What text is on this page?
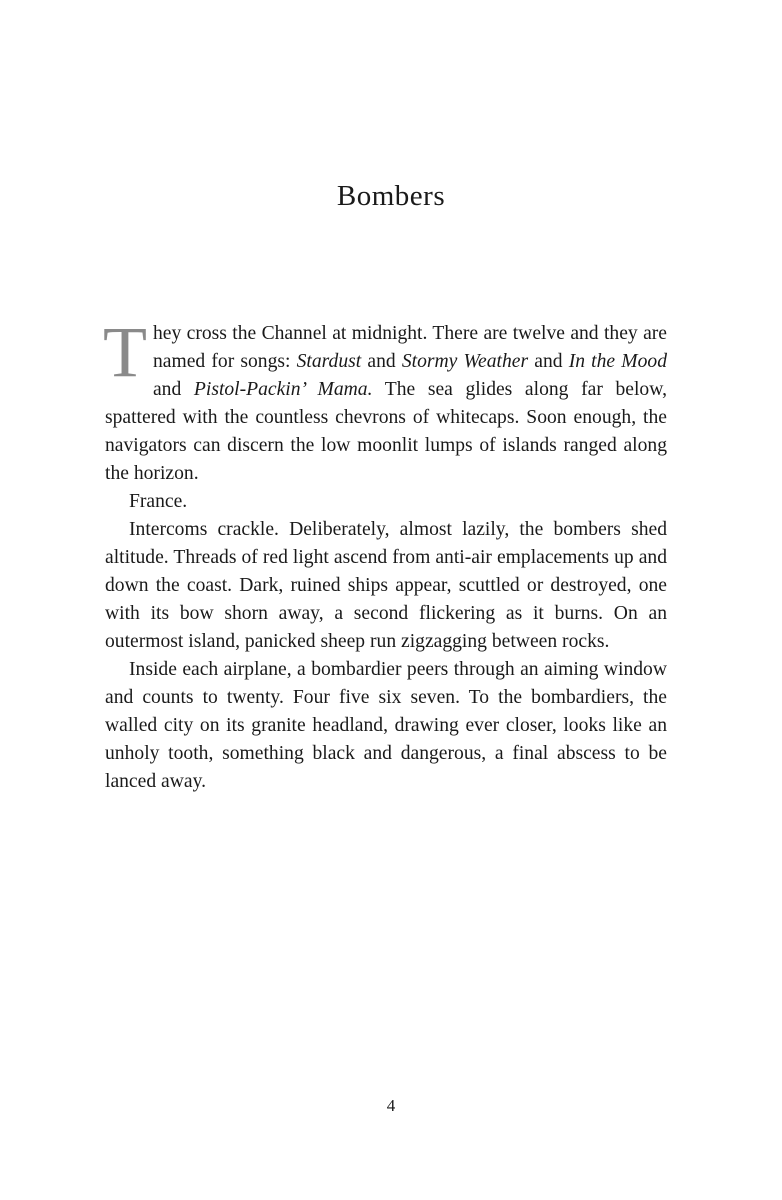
Bombers

They cross the Channel at midnight. There are twelve and they are named for songs: Stardust and Stormy Weather and In the Mood and Pistol-Packin’ Mama. The sea glides along far below, spattered with the countless chevrons of whitecaps. Soon enough, the navigators can discern the low moonlit lumps of islands ranged along the horizon.

France.

Intercoms crackle. Deliberately, almost lazily, the bombers shed altitude. Threads of red light ascend from anti-air emplacements up and down the coast. Dark, ruined ships appear, scuttled or destroyed, one with its bow shorn away, a second flickering as it burns. On an outermost island, panicked sheep run zigzagging between rocks.

Inside each airplane, a bombardier peers through an aiming window and counts to twenty. Four five six seven. To the bombardiers, the walled city on its granite headland, drawing ever closer, looks like an unholy tooth, something black and dangerous, a final abscess to be lanced away.

4
